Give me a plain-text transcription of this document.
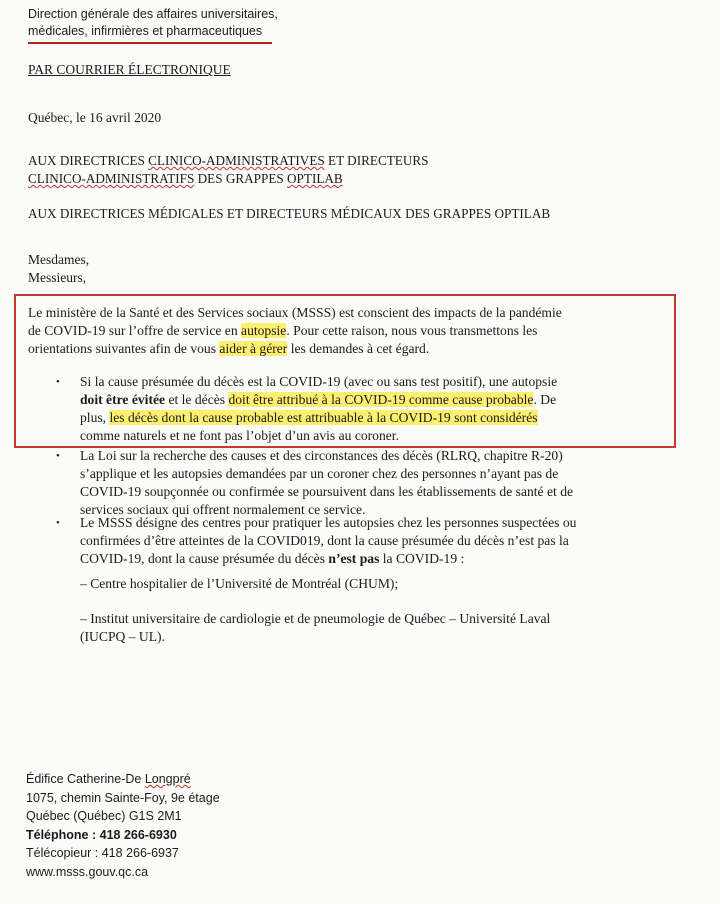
Direction générale des affaires universitaires,
médicales, infirmières et pharmaceutiques
PAR COURRIER ÉLECTRONIQUE
Québec, le 16 avril 2020
AUX DIRECTRICES CLINICO-ADMINISTRATIVES ET DIRECTEURS
CLINICO-ADMINISTRATIFS DES GRAPPES OPTILAB
AUX DIRECTRICES MÉDICALES ET DIRECTEURS MÉDICAUX DES GRAPPES OPTILAB
Mesdames,
Messieurs,
Le ministère de la Santé et des Services sociaux (MSSS) est conscient des impacts de la pandémie
de COVID-19 sur l’offre de service en autopsie. Pour cette raison, nous vous transmettons les
orientations suivantes afin de vous aider à gérer les demandes à cet égard.
• Si la cause présumée du décès est la COVID-19 (avec ou sans test positif), une autopsie
doit être évitée et le décès doit être attribué à la COVID-19 comme cause probable. De
plus, les décès dont la cause probable est attribuable à la COVID-19 sont considérés
comme naturels et ne font pas l’objet d’un avis au coroner.
• La Loi sur la recherche des causes et des circonstances des décès (RLRQ, chapitre R-20)
s’applique et les autopsies demandées par un coroner chez des personnes n’ayant pas de
COVID-19 soupçonnée ou confirmée se poursuivent dans les établissements de santé et de
services sociaux qui offrent normalement ce service.
• Le MSSS désigne des centres pour pratiquer les autopsies chez les personnes suspectées ou
confirmées d’être atteintes de la COVID019, dont la cause présumée du décès n’est pas la
COVID-19, dont la cause présumée du décès n’est pas la COVID-19 :
– Centre hospitalier de l’Université de Montréal (CHUM);
– Institut universitaire de cardiologie et de pneumologie de Québec – Université Laval
(IUCPQ – UL).
Édifice Catherine-De Longpré
1075, chemin Sainte-Foy, 9e étage
Québec (Québec) G1S 2M1
Téléphone : 418 266-6930
Télécopieur : 418 266-6937
www.msss.gouv.qc.ca
